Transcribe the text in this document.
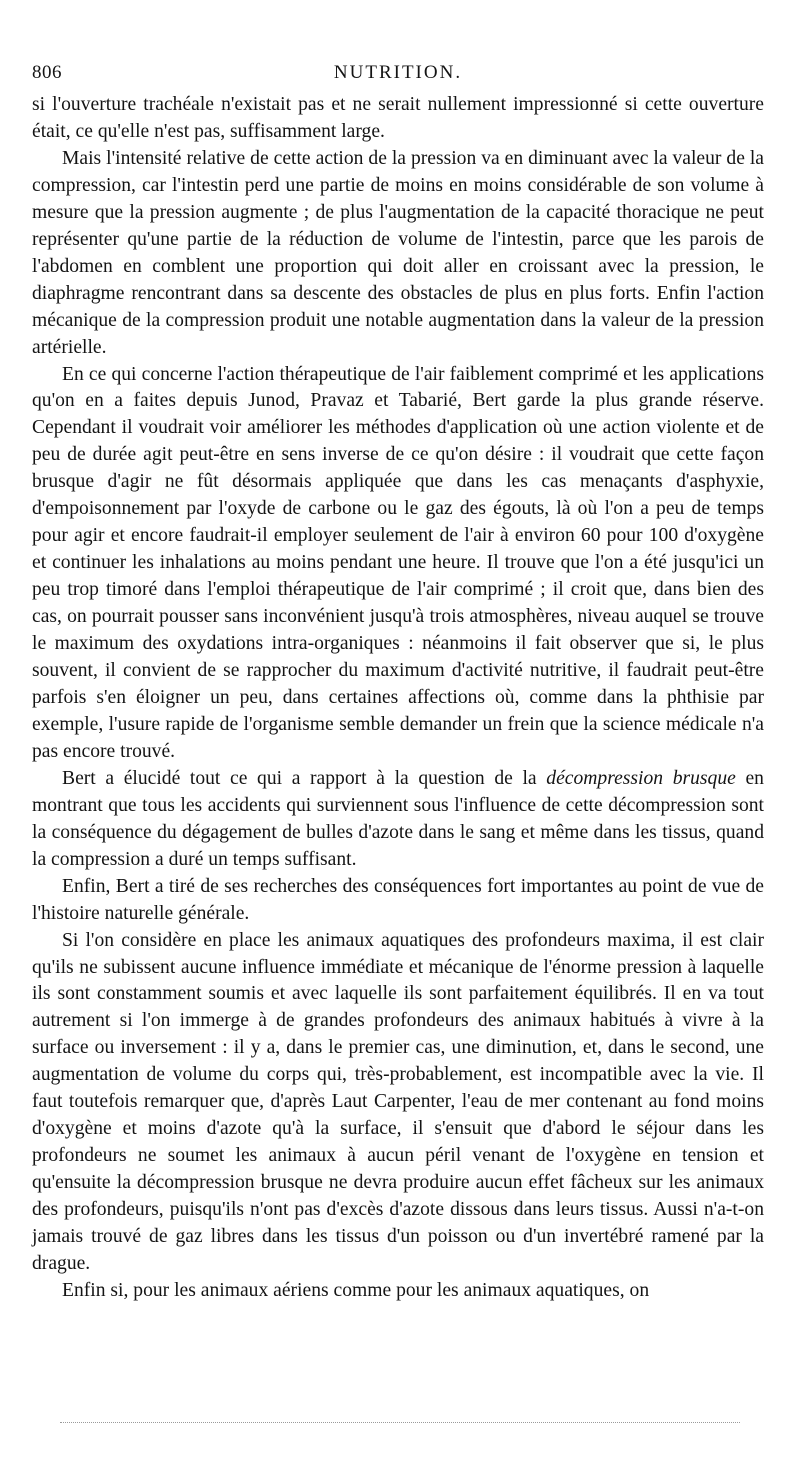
806	NUTRITION.

si l'ouverture trachéale n'existait pas et ne serait nullement impressionné si cette ouverture était, ce qu'elle n'est pas, suffisamment large.

Mais l'intensité relative de cette action de la pression va en diminuant avec la valeur de la compression, car l'intestin perd une partie de moins en moins considérable de son volume à mesure que la pression augmente ; de plus l'augmentation de la capacité thoracique ne peut représenter qu'une partie de la réduction de volume de l'intestin, parce que les parois de l'abdomen en comblent une proportion qui doit aller en croissant avec la pression, le diaphragme rencontrant dans sa descente des obstacles de plus en plus forts. Enfin l'action mécanique de la compression produit une notable augmentation dans la valeur de la pression artérielle.

En ce qui concerne l'action thérapeutique de l'air faiblement comprimé et les applications qu'on en a faites depuis Junod, Pravaz et Tabarié, Bert garde la plus grande réserve. Cependant il voudrait voir améliorer les méthodes d'application où une action violente et de peu de durée agit peut-être en sens inverse de ce qu'on désire : il voudrait que cette façon brusque d'agir ne fût désormais appliquée que dans les cas menaçants d'asphyxie, d'empoisonnement par l'oxyde de carbone ou le gaz des égouts, là où l'on a peu de temps pour agir et encore faudrait-il employer seulement de l'air à environ 60 pour 100 d'oxygène et continuer les inhalations au moins pendant une heure. Il trouve que l'on a été jusqu'ici un peu trop timoré dans l'emploi thérapeutique de l'air comprimé ; il croit que, dans bien des cas, on pourrait pousser sans inconvénient jusqu'à trois atmosphères, niveau auquel se trouve le maximum des oxydations intra-organiques : néanmoins il fait observer que si, le plus souvent, il convient de se rapprocher du maximum d'activité nutritive, il faudrait peut-être parfois s'en éloigner un peu, dans certaines affections où, comme dans la phthisie par exemple, l'usure rapide de l'organisme semble demander un frein que la science médicale n'a pas encore trouvé.

Bert a élucidé tout ce qui a rapport à la question de la décompression brusque en montrant que tous les accidents qui surviennent sous l'influence de cette décompression sont la conséquence du dégagement de bulles d'azote dans le sang et même dans les tissus, quand la compression a duré un temps suffisant.

Enfin, Bert a tiré de ses recherches des conséquences fort importantes au point de vue de l'histoire naturelle générale.

Si l'on considère en place les animaux aquatiques des profondeurs maxima, il est clair qu'ils ne subissent aucune influence immédiate et mécanique de l'énorme pression à laquelle ils sont constamment soumis et avec laquelle ils sont parfaitement équilibrés. Il en va tout autrement si l'on immerge à de grandes profondeurs des animaux habitués à vivre à la surface ou inversement : il y a, dans le premier cas, une diminution, et, dans le second, une augmentation de volume du corps qui, très-probablement, est incompatible avec la vie. Il faut toutefois remarquer que, d'après Laut Carpenter, l'eau de mer contenant au fond moins d'oxygène et moins d'azote qu'à la surface, il s'ensuit que d'abord le séjour dans les profondeurs ne soumet les animaux à aucun péril venant de l'oxygène en tension et qu'ensuite la décompression brusque ne devra produire aucun effet fâcheux sur les animaux des profondeurs, puisqu'ils n'ont pas d'excès d'azote dissous dans leurs tissus. Aussi n'a-t-on jamais trouvé de gaz libres dans les tissus d'un poisson ou d'un invertébré ramené par la drague.

Enfin si, pour les animaux aériens comme pour les animaux aquatiques, on
